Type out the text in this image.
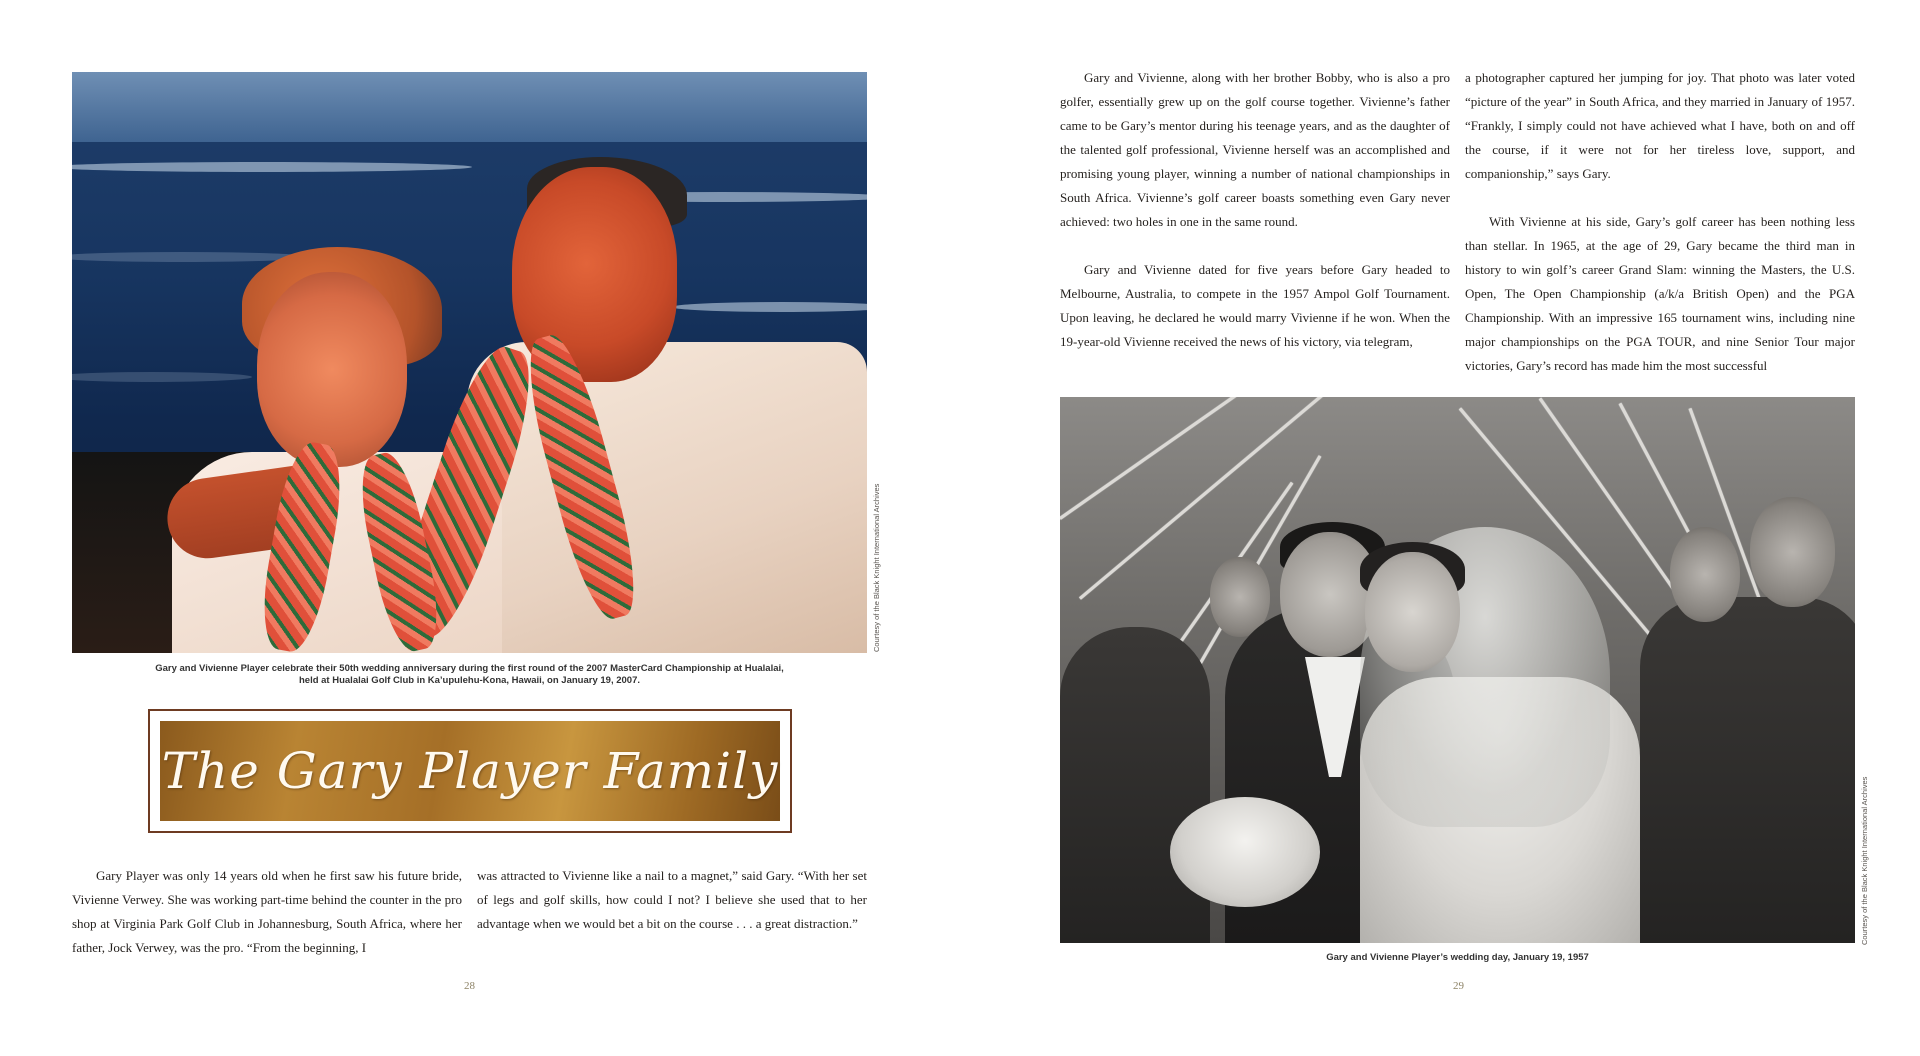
Courtesy of the Black Knight International Archives
Gary and Vivienne Player celebrate their 50th wedding anniversary during the first round of the 2007 MasterCard Championship at Hualalai,
held at Hualalai Golf Club in Ka’upulehu-Kona, Hawaii, on January 19, 2007.
The Gary Player Family

Gary Player was only 14 years old when he first saw his future bride, Vivienne Verwey. She was working part-time behind the counter in the pro shop at Virginia Park Golf Club in Johannesburg, South Africa, where her father, Jock Verwey, was the pro. “From the beginning, I

was attracted to Vivienne like a nail to a magnet,” said Gary. “With her set of legs and golf skills, how could I not? I believe she used that to her advantage when we would bet a bit on the course . . . a great distraction.”

28

Gary and Vivienne, along with her brother Bobby, who is also a pro golfer, essentially grew up on the golf course together. Vivienne’s father came to be Gary’s mentor during his teenage years, and as the daughter of the talented golf professional, Vivienne herself was an accomplished and promising young player, winning a number of national championships in South Africa. Vivienne’s golf career boasts something even Gary never achieved: two holes in one in the same round.

Gary and Vivienne dated for five years before Gary headed to Melbourne, Australia, to compete in the 1957 Ampol Golf Tournament. Upon leaving, he declared he would marry Vivienne if he won. When the 19-year-old Vivienne received the news of his victory, via telegram,

a photographer captured her jumping for joy. That photo was later voted “picture of the year” in South Africa, and they married in January of 1957. “Frankly, I simply could not have achieved what I have, both on and off the course, if it were not for her tireless love, support, and companionship,” says Gary.

With Vivienne at his side, Gary’s golf career has been nothing less than stellar. In 1965, at the age of 29, Gary became the third man in history to win golf’s career Grand Slam: winning the Masters, the U.S. Open, The Open Championship (a/k/a British Open) and the PGA Championship. With an impressive 165 tournament wins, including nine major championships on the PGA TOUR, and nine Senior Tour major victories, Gary’s record has made him the most successful

29
Courtesy of the Black Knight International Archives
Gary and Vivienne Player’s wedding day, January 19, 1957
